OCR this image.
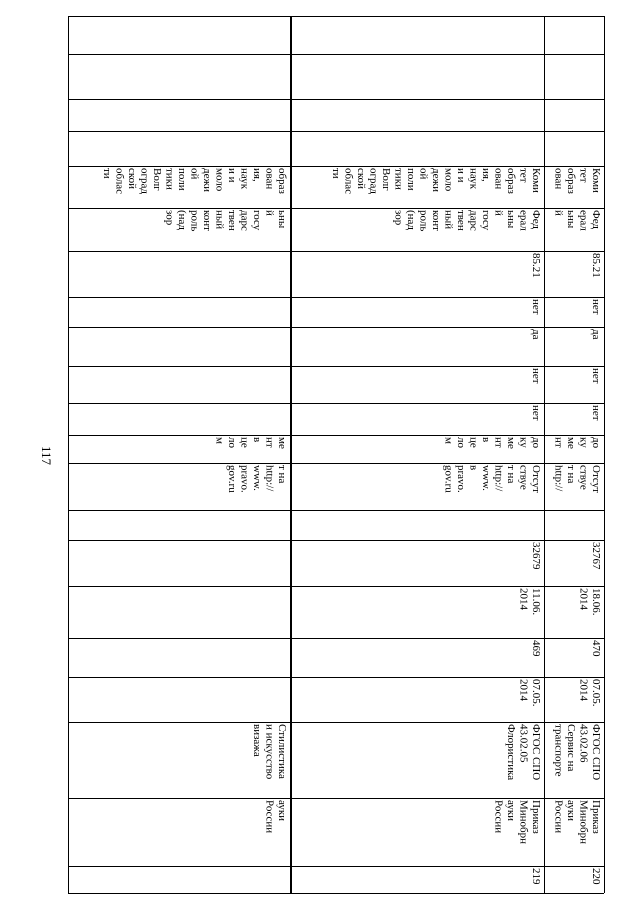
117
образ
ован
ия,
наук
и и
моло
дежи
ой
поли
тики
Волг
оград
ской
облас
ти
ьны
й
госу
дарс
твен
ный
конт
роль
(над
зор
ме
нт
в
це
ло
м
т на
http://
www.
pravo.
gov.ru
Стилистика
и искусство
визажа
ауки
России
Коми
тет
образ
ован
ия,
наук
и и
моло
дежи
ой
поли
тики
Волг
оград
ской
облас
ти
Фед
ерал
ьны
й
госу
дарс
твен
ный
конт
роль
(над
зор
85.21
нет
да
нет
нет
до
ку
ме
нт
в
це
ло
м
Отсут
ствуе
т на
http://
www.
в
pravo.
gov.ru
32679
11.06.
2014
469
07.05.
2014
ФГОС СПО
43.02.05
Флористика
Приказ
Минобрн
ауки
России
219
Коми
тет
образ
ован
Фед
ерал
ьны
й
85.21
нет
да
нет
нет
до
ку
ме
нт
Отсут
ствуе
т на
http://
32767
18.06.
2014
470
07.05.
2014
ФГОС СПО
43.02.06
Сервис на
транспорте
Приказ
Минобрн
ауки
России
220
